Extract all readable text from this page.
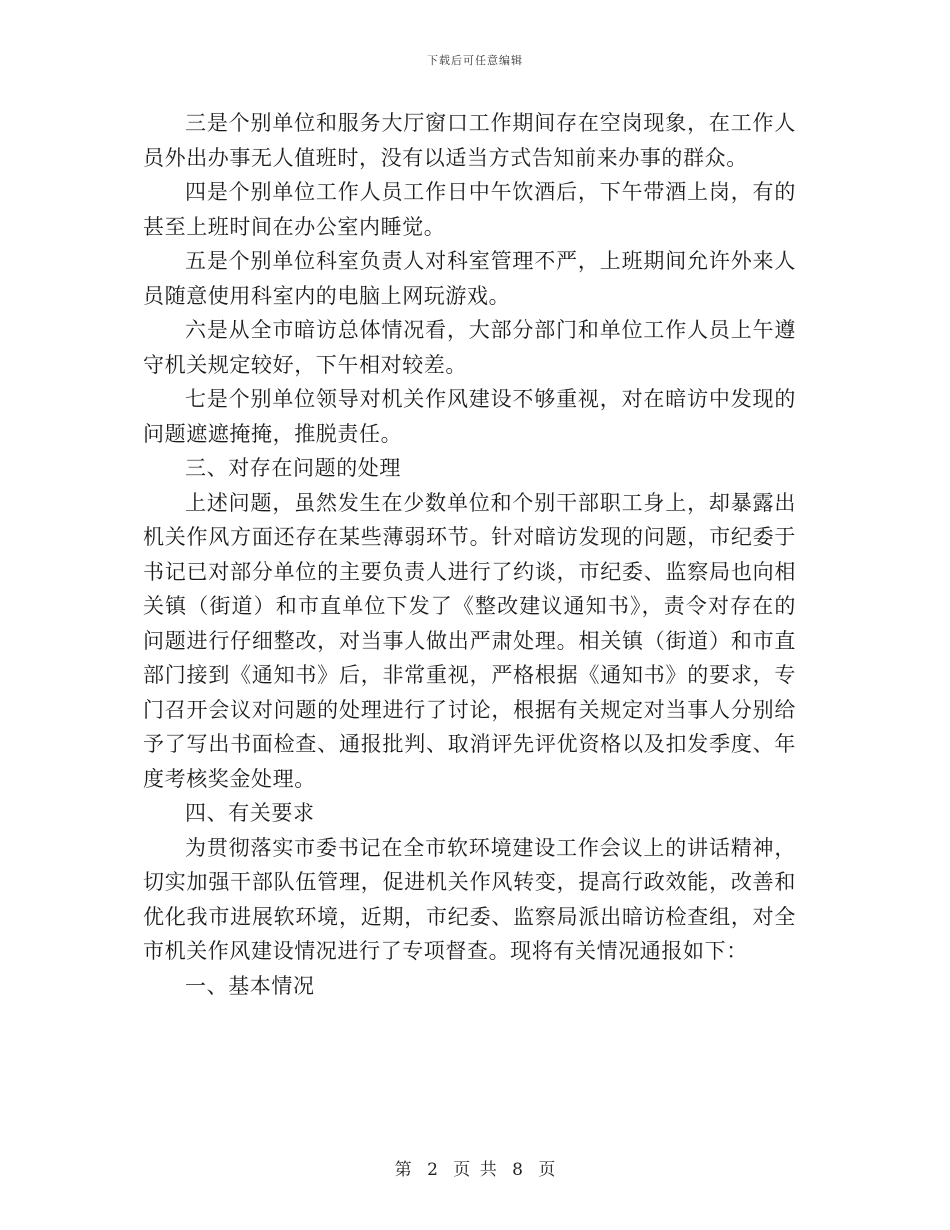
下载后可任意编辑

三是个别单位和服务大厅窗口工作期间存在空岗现象，在工作人员外出办事无人值班时，没有以适当方式告知前来办事的群众。

四是个别单位工作人员工作日中午饮酒后，下午带酒上岗，有的甚至上班时间在办公室内睡觉。

五是个别单位科室负责人对科室管理不严，上班期间允许外来人员随意使用科室内的电脑上网玩游戏。

六是从全市暗访总体情况看，大部分部门和单位工作人员上午遵守机关规定较好，下午相对较差。

七是个别单位领导对机关作风建设不够重视，对在暗访中发现的问题遮遮掩掩，推脱责任。

三、对存在问题的处理

上述问题，虽然发生在少数单位和个别干部职工身上，却暴露出机关作风方面还存在某些薄弱环节。针对暗访发现的问题，市纪委于书记已对部分单位的主要负责人进行了约谈，市纪委、监察局也向相关镇（街道）和市直单位下发了《整改建议通知书》，责令对存在的问题进行仔细整改，对当事人做出严肃处理。相关镇（街道）和市直部门接到《通知书》后，非常重视，严格根据《通知书》的要求，专门召开会议对问题的处理进行了讨论，根据有关规定对当事人分别给予了写出书面检查、通报批判、取消评先评优资格以及扣发季度、年度考核奖金处理。

四、有关要求

为贯彻落实市委书记在全市软环境建设工作会议上的讲话精神，切实加强干部队伍管理，促进机关作风转变，提高行政效能，改善和优化我市进展软环境，近期，市纪委、监察局派出暗访检查组，对全市机关作风建设情况进行了专项督查。现将有关情况通报如下：

一、基本情况

第 2 页 共 8 页
